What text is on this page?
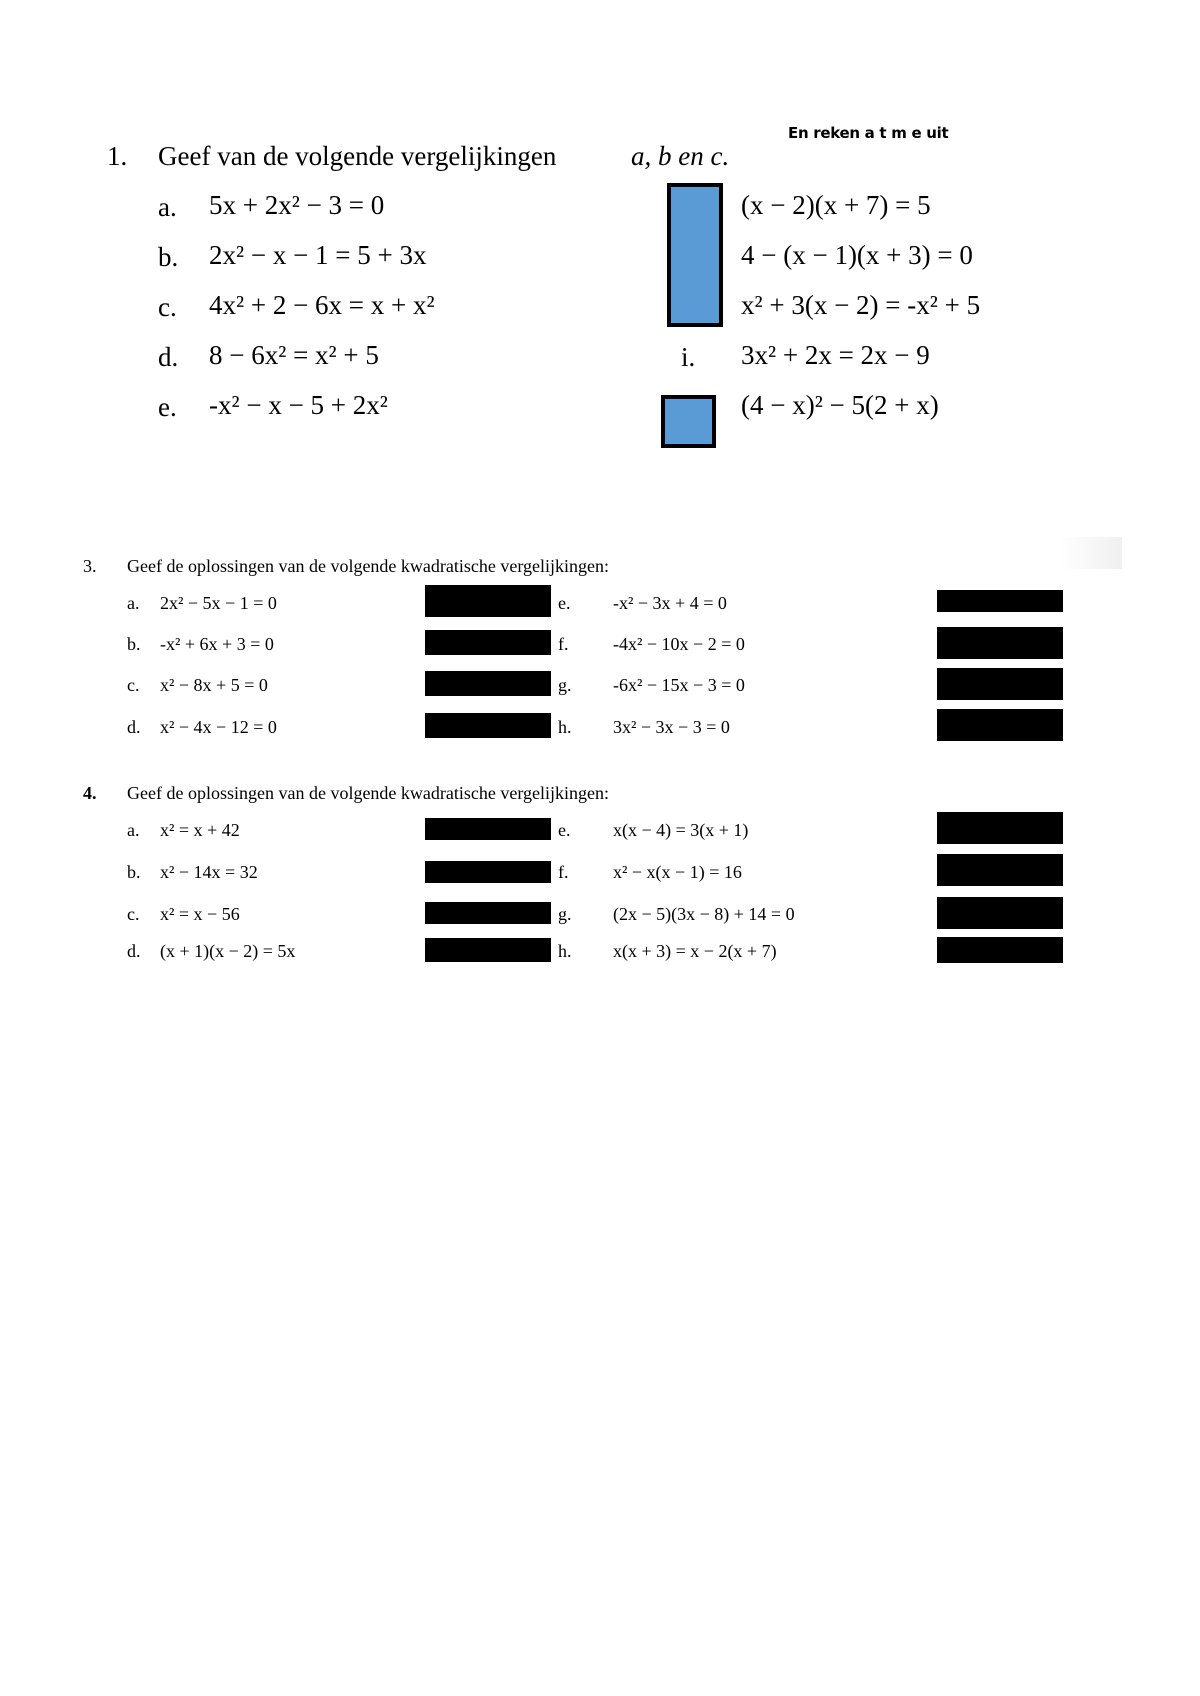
En reken a t m e uit
1. Geef van de volgende vergelijkingen	a, b en c.
a. 5x + 2x² − 3 = 0
b. 2x² − x − 1 = 5 + 3x
c. 4x² + 2 − 6x = x + x²
d. 8 − 6x² = x² + 5
e. -x² − x − 5 + 2x²
(x − 2)(x + 7) = 5
4 − (x − 1)(x + 3) = 0
x² + 3(x − 2) = -x² + 5
i. 3x² + 2x = 2x − 9
(4 − x)² − 5(2 + x)
3. Geef de oplossingen van de volgende kwadratische vergelijkingen:
a. 2x² − 5x − 1 = 0
b. -x² + 6x + 3 = 0
c. x² − 8x + 5 = 0
d. x² − 4x − 12 = 0
e. -x² − 3x + 4 = 0
f. -4x² − 10x − 2 = 0
g. -6x² − 15x − 3 = 0
h. 3x² − 3x − 3 = 0
4. Geef de oplossingen van de volgende kwadratische vergelijkingen:
a. x² = x + 42
b. x² − 14x = 32
c. x² = x − 56
d. (x + 1)(x − 2) = 5x
e. x(x − 4) = 3(x + 1)
f. x² − x(x − 1) = 16
g. (2x − 5)(3x − 8) + 14 = 0
h. x(x + 3) = x − 2(x + 7)
